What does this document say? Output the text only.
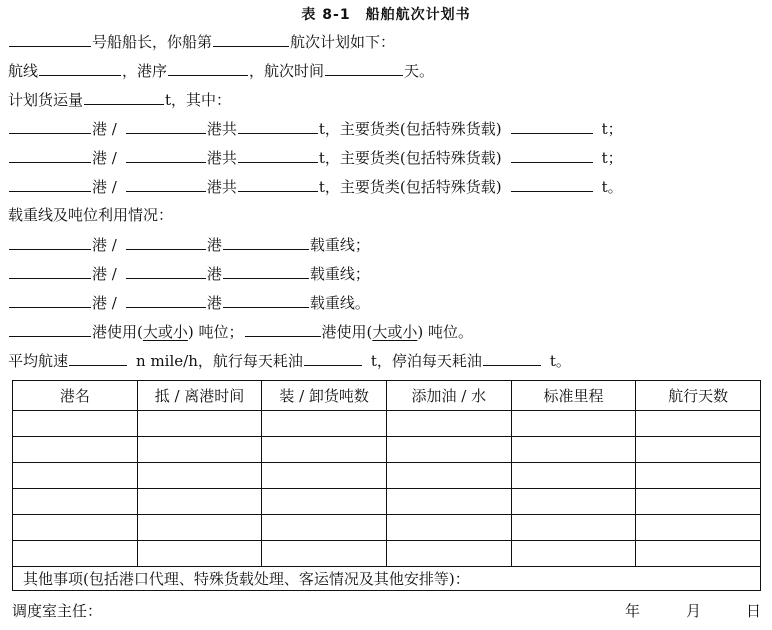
表 8-1　船舶航次计划书
号船船长，你船第	航次计划如下：
航线	，港序	，航次时间	天。
计划货运量	t，其中：
港 /	港共	t，主要货类(包括特殊货载)	t；
港 /	港共	t，主要货类(包括特殊货载)	t；
港 /	港共	t，主要货类(包括特殊货载)	t。
载重线及吨位利用情况：
港 /	港	载重线；
港 /	港	载重线；
港 /	港	载重线。
港使用(大或小) 吨位；	港使用(大或小) 吨位。
平均航速	n mile/h，航行每天耗油	t，停泊每天耗油	t。
港名	抵 / 离港时间	装 / 卸货吨数	添加油 / 水	标准里程	航行天数

其他事项(包括港口代理、特殊货载处理、客运情况及其他安排等)：					
调度室主任：	年	月	日
